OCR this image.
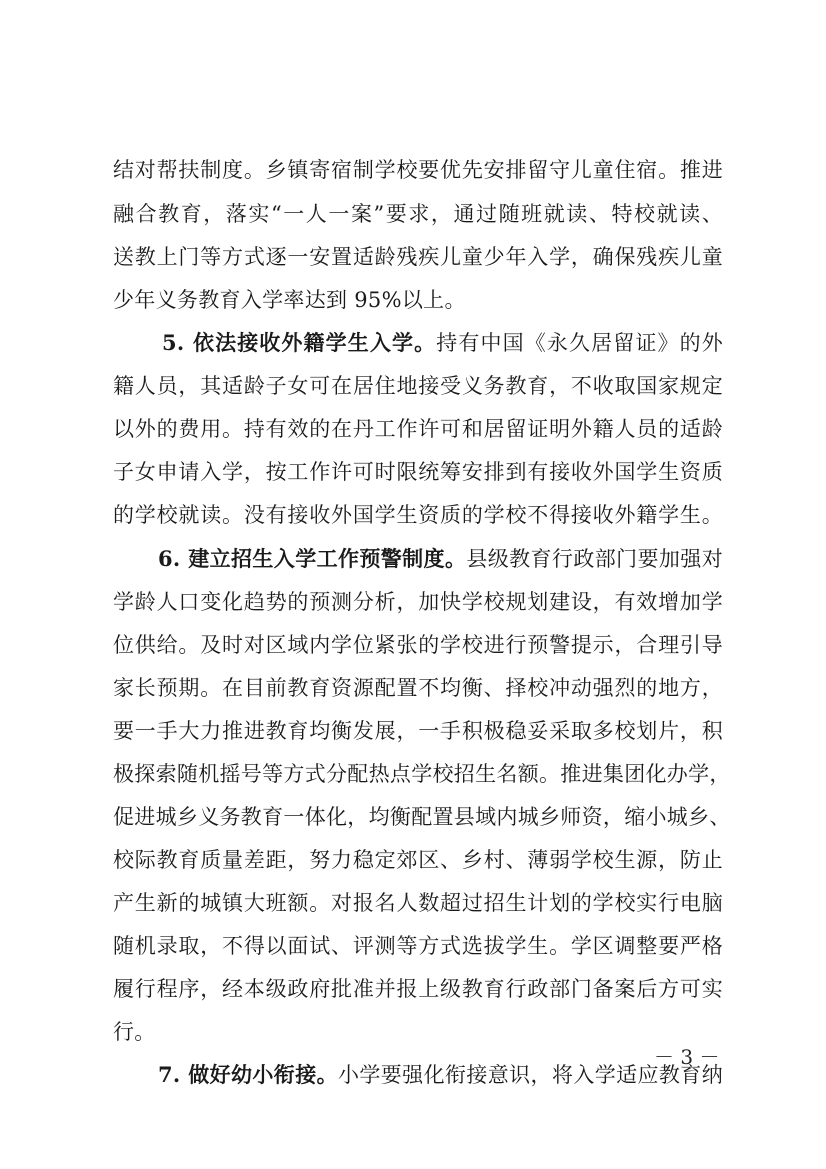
结对帮扶制度。乡镇寄宿制学校要优先安排留守儿童住宿。推进
融合教育，落实“一人一案”要求，通过随班就读、特校就读、
送教上门等方式逐一安置适龄残疾儿童少年入学，确保残疾儿童
少年义务教育入学率达到 95%以上。
5. 依法接收外籍学生入学。持有中国《永久居留证》的外
籍人员，其适龄子女可在居住地接受义务教育，不收取国家规定
以外的费用。持有效的在丹工作许可和居留证明外籍人员的适龄
子女申请入学，按工作许可时限统筹安排到有接收外国学生资质
的学校就读。没有接收外国学生资质的学校不得接收外籍学生。
6. 建立招生入学工作预警制度。县级教育行政部门要加强对
学龄人口变化趋势的预测分析，加快学校规划建设，有效增加学
位供给。及时对区域内学位紧张的学校进行预警提示，合理引导
家长预期。在目前教育资源配置不均衡、择校冲动强烈的地方，
要一手大力推进教育均衡发展，一手积极稳妥采取多校划片，积
极探索随机摇号等方式分配热点学校招生名额。推进集团化办学，
促进城乡义务教育一体化，均衡配置县域内城乡师资，缩小城乡、
校际教育质量差距，努力稳定郊区、乡村、薄弱学校生源，防止
产生新的城镇大班额。对报名人数超过招生计划的学校实行电脑
随机录取，不得以面试、评测等方式选拔学生。学区调整要严格
履行程序，经本级政府批准并报上级教育行政部门备案后方可实
行。
7. 做好幼小衔接。小学要强化衔接意识，将入学适应教育纳
－ 3 －
